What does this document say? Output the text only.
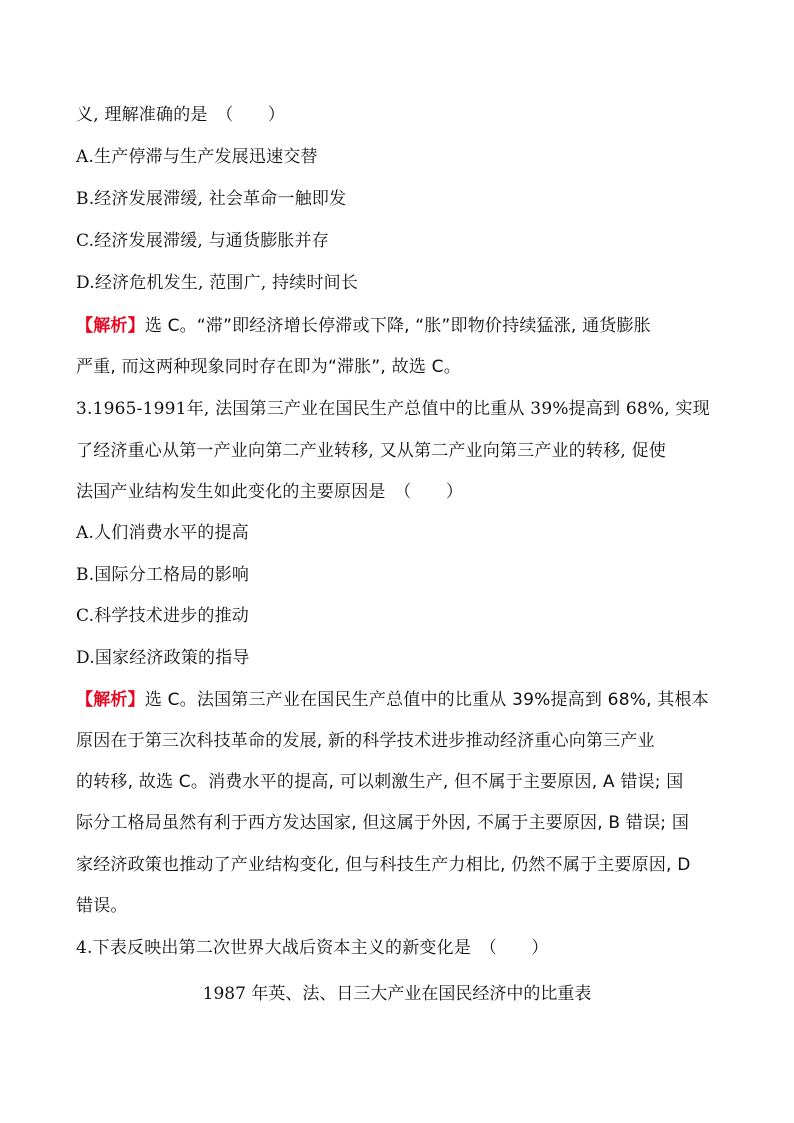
义, 理解准确的是　（　　）
A.生产停滞与生产发展迅速交替
B.经济发展滞缓, 社会革命一触即发
C.经济发展滞缓, 与通货膨胀并存
D.经济危机发生, 范围广, 持续时间长
【解析】选 C。“滞”即经济增长停滞或下降, “胀”即物价持续猛涨, 通货膨胀
严重, 而这两种现象同时存在即为“滞胀”, 故选 C。
3.1965-1991年, 法国第三产业在国民生产总值中的比重从 39%提高到 68%, 实现
了经济重心从第一产业向第二产业转移, 又从第二产业向第三产业的转移, 促使
法国产业结构发生如此变化的主要原因是　（　　）
A.人们消费水平的提高
B.国际分工格局的影响
C.科学技术进步的推动
D.国家经济政策的指导
【解析】选 C。法国第三产业在国民生产总值中的比重从 39%提高到 68%, 其根本
原因在于第三次科技革命的发展, 新的科学技术进步推动经济重心向第三产业
的转移, 故选 C。消费水平的提高, 可以刺激生产, 但不属于主要原因, A 错误; 国
际分工格局虽然有利于西方发达国家, 但这属于外因, 不属于主要原因, B 错误; 国
家经济政策也推动了产业结构变化, 但与科技生产力相比, 仍然不属于主要原因, D
错误。
4.下表反映出第二次世界大战后资本主义的新变化是　（　　）
1987 年英、法、日三大产业在国民经济中的比重表
